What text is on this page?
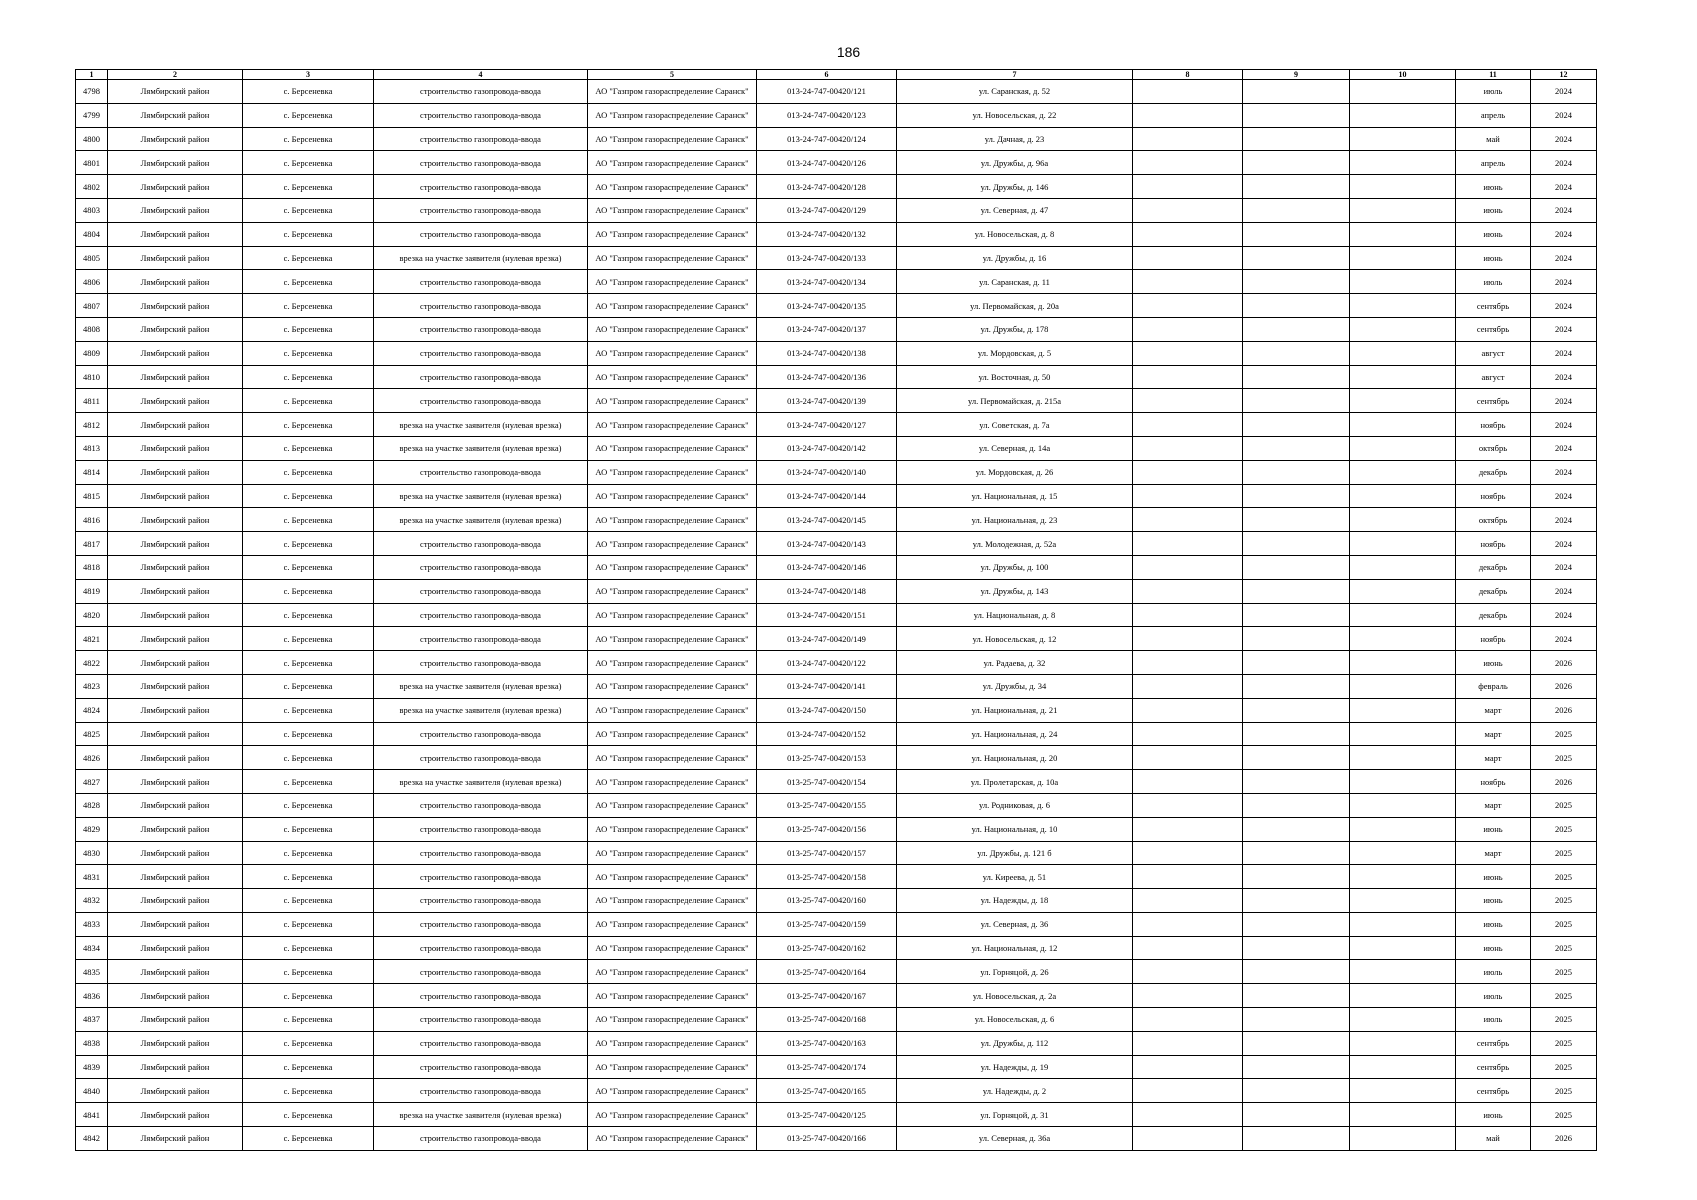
186
1	2	3	4	5	6	7	8	9	10	11	12
4798	Лямбирский район	с. Берсеневка	строительство газопровода-ввода	АО "Газпром газораспределение Саранск"	013-24-747-00420/121	ул. Саранская, д. 52				июль	2024
4799	Лямбирский район	с. Берсеневка	строительство газопровода-ввода	АО "Газпром газораспределение Саранск"	013-24-747-00420/123	ул. Новосельская, д. 22				апрель	2024
4800	Лямбирский район	с. Берсеневка	строительство газопровода-ввода	АО "Газпром газораспределение Саранск"	013-24-747-00420/124	ул. Дачная, д. 23				май	2024
4801	Лямбирский район	с. Берсеневка	строительство газопровода-ввода	АО "Газпром газораспределение Саранск"	013-24-747-00420/126	ул. Дружбы, д. 96а				апрель	2024
4802	Лямбирский район	с. Берсеневка	строительство газопровода-ввода	АО "Газпром газораспределение Саранск"	013-24-747-00420/128	ул. Дружбы, д. 146				июнь	2024
4803	Лямбирский район	с. Берсеневка	строительство газопровода-ввода	АО "Газпром газораспределение Саранск"	013-24-747-00420/129	ул. Северная, д. 47				июнь	2024
4804	Лямбирский район	с. Берсеневка	строительство газопровода-ввода	АО "Газпром газораспределение Саранск"	013-24-747-00420/132	ул. Новосельская, д. 8				июнь	2024
4805	Лямбирский район	с. Берсеневка	врезка на участке заявителя (нулевая врезка)	АО "Газпром газораспределение Саранск"	013-24-747-00420/133	ул. Дружбы, д. 16				июнь	2024
4806	Лямбирский район	с. Берсеневка	строительство газопровода-ввода	АО "Газпром газораспределение Саранск"	013-24-747-00420/134	ул. Саранская, д. 11				июль	2024
4807	Лямбирский район	с. Берсеневка	строительство газопровода-ввода	АО "Газпром газораспределение Саранск"	013-24-747-00420/135	ул. Первомайская, д. 20а				сентябрь	2024
4808	Лямбирский район	с. Берсеневка	строительство газопровода-ввода	АО "Газпром газораспределение Саранск"	013-24-747-00420/137	ул. Дружбы, д. 178				сентябрь	2024
4809	Лямбирский район	с. Берсеневка	строительство газопровода-ввода	АО "Газпром газораспределение Саранск"	013-24-747-00420/138	ул. Мордовская, д. 5				август	2024
4810	Лямбирский район	с. Берсеневка	строительство газопровода-ввода	АО "Газпром газораспределение Саранск"	013-24-747-00420/136	ул. Восточная, д. 50				август	2024
4811	Лямбирский район	с. Берсеневка	строительство газопровода-ввода	АО "Газпром газораспределение Саранск"	013-24-747-00420/139	ул. Первомайская, д. 215а				сентябрь	2024
4812	Лямбирский район	с. Берсеневка	врезка на участке заявителя (нулевая врезка)	АО "Газпром газораспределение Саранск"	013-24-747-00420/127	ул. Советская, д. 7а				ноябрь	2024
4813	Лямбирский район	с. Берсеневка	врезка на участке заявителя (нулевая врезка)	АО "Газпром газораспределение Саранск"	013-24-747-00420/142	ул. Северная, д. 14а				октябрь	2024
4814	Лямбирский район	с. Берсеневка	строительство газопровода-ввода	АО "Газпром газораспределение Саранск"	013-24-747-00420/140	ул. Мордовская, д. 26				декабрь	2024
4815	Лямбирский район	с. Берсеневка	врезка на участке заявителя (нулевая врезка)	АО "Газпром газораспределение Саранск"	013-24-747-00420/144	ул. Национальная, д. 15				ноябрь	2024
4816	Лямбирский район	с. Берсеневка	врезка на участке заявителя (нулевая врезка)	АО "Газпром газораспределение Саранск"	013-24-747-00420/145	ул. Национальная, д. 23				октябрь	2024
4817	Лямбирский район	с. Берсеневка	строительство газопровода-ввода	АО "Газпром газораспределение Саранск"	013-24-747-00420/143	ул. Молодежная, д. 52а				ноябрь	2024
4818	Лямбирский район	с. Берсеневка	строительство газопровода-ввода	АО "Газпром газораспределение Саранск"	013-24-747-00420/146	ул. Дружбы, д. 100				декабрь	2024
4819	Лямбирский район	с. Берсеневка	строительство газопровода-ввода	АО "Газпром газораспределение Саранск"	013-24-747-00420/148	ул. Дружбы, д. 143				декабрь	2024
4820	Лямбирский район	с. Берсеневка	строительство газопровода-ввода	АО "Газпром газораспределение Саранск"	013-24-747-00420/151	ул. Национальная, д. 8				декабрь	2024
4821	Лямбирский район	с. Берсеневка	строительство газопровода-ввода	АО "Газпром газораспределение Саранск"	013-24-747-00420/149	ул. Новосельская, д. 12				ноябрь	2024
4822	Лямбирский район	с. Берсеневка	строительство газопровода-ввода	АО "Газпром газораспределение Саранск"	013-24-747-00420/122	ул. Радаева, д. 32				июнь	2026
4823	Лямбирский район	с. Берсеневка	врезка на участке заявителя (нулевая врезка)	АО "Газпром газораспределение Саранск"	013-24-747-00420/141	ул. Дружбы, д. 34				февраль	2026
4824	Лямбирский район	с. Берсеневка	врезка на участке заявителя (нулевая врезка)	АО "Газпром газораспределение Саранск"	013-24-747-00420/150	ул. Национальная, д. 21				март	2026
4825	Лямбирский район	с. Берсеневка	строительство газопровода-ввода	АО "Газпром газораспределение Саранск"	013-24-747-00420/152	ул. Национальная, д. 24				март	2025
4826	Лямбирский район	с. Берсеневка	строительство газопровода-ввода	АО "Газпром газораспределение Саранск"	013-25-747-00420/153	ул. Национальная, д. 20				март	2025
4827	Лямбирский район	с. Берсеневка	врезка на участке заявителя (нулевая врезка)	АО "Газпром газораспределение Саранск"	013-25-747-00420/154	ул. Пролетарская, д. 10а				ноябрь	2026
4828	Лямбирский район	с. Берсеневка	строительство газопровода-ввода	АО "Газпром газораспределение Саранск"	013-25-747-00420/155	ул. Родниковая, д. 6				март	2025
4829	Лямбирский район	с. Берсеневка	строительство газопровода-ввода	АО "Газпром газораспределение Саранск"	013-25-747-00420/156	ул. Национальная, д. 10				июнь	2025
4830	Лямбирский район	с. Берсеневка	строительство газопровода-ввода	АО "Газпром газораспределение Саранск"	013-25-747-00420/157	ул. Дружбы, д. 121 б				март	2025
4831	Лямбирский район	с. Берсеневка	строительство газопровода-ввода	АО "Газпром газораспределение Саранск"	013-25-747-00420/158	ул. Киреева, д. 51				июнь	2025
4832	Лямбирский район	с. Берсеневка	строительство газопровода-ввода	АО "Газпром газораспределение Саранск"	013-25-747-00420/160	ул. Надежды, д. 18				июнь	2025
4833	Лямбирский район	с. Берсеневка	строительство газопровода-ввода	АО "Газпром газораспределение Саранск"	013-25-747-00420/159	ул. Северная, д. 36				июнь	2025
4834	Лямбирский район	с. Берсеневка	строительство газопровода-ввода	АО "Газпром газораспределение Саранск"	013-25-747-00420/162	ул. Национальная, д. 12				июнь	2025
4835	Лямбирский район	с. Берсеневка	строительство газопровода-ввода	АО "Газпром газораспределение Саранск"	013-25-747-00420/164	ул. Горняцой, д. 26				июль	2025
4836	Лямбирский район	с. Берсеневка	строительство газопровода-ввода	АО "Газпром газораспределение Саранск"	013-25-747-00420/167	ул. Новосельская, д. 2а				июль	2025
4837	Лямбирский район	с. Берсеневка	строительство газопровода-ввода	АО "Газпром газораспределение Саранск"	013-25-747-00420/168	ул. Новосельская, д. 6				июль	2025
4838	Лямбирский район	с. Берсеневка	строительство газопровода-ввода	АО "Газпром газораспределение Саранск"	013-25-747-00420/163	ул. Дружбы, д. 112				сентябрь	2025
4839	Лямбирский район	с. Берсеневка	строительство газопровода-ввода	АО "Газпром газораспределение Саранск"	013-25-747-00420/174	ул. Надежды, д. 19				сентябрь	2025
4840	Лямбирский район	с. Берсеневка	строительство газопровода-ввода	АО "Газпром газораспределение Саранск"	013-25-747-00420/165	ул. Надежды, д. 2				сентябрь	2025
4841	Лямбирский район	с. Берсеневка	врезка на участке заявителя (нулевая врезка)	АО "Газпром газораспределение Саранск"	013-25-747-00420/125	ул. Горняцой, д. 31				июнь	2025
4842	Лямбирский район	с. Берсеневка	строительство газопровода-ввода	АО "Газпром газораспределение Саранск"	013-25-747-00420/166	ул. Северная, д. 36а				май	2026
